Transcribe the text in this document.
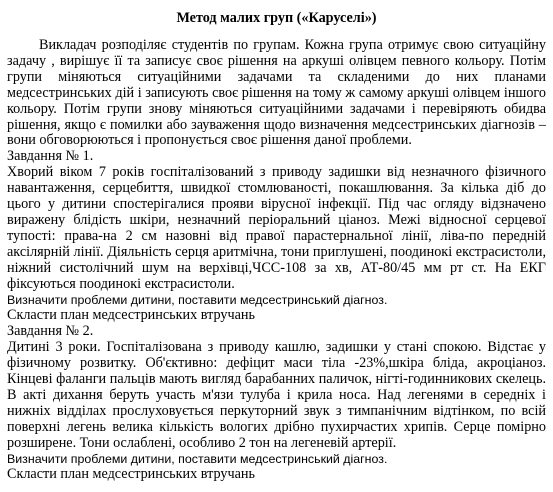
Метод малих груп («Каруселі»)

Викладач розподіляє студентів по групам. Кожна група отримує свою ситуаційну задачу , вирішує її та записує своє рішення на аркуші олівцем певного кольору. Потім групи міняються ситуаційними задачами та складеними до них планами медсестринських дій і записують своє рішення на тому ж самому аркуші олівцем іншого кольору. Потім групи знову міняються ситуаційними задачами і перевіряють обидва рішення, якщо є помилки або зауваження щодо визначення медсестринських діагнозів – вони обговорюються і пропонується своє рішення даної проблеми.

Завдання № 1.

Хворий віком 7 років госпіталізований з приводу задишки від незначного фізичного навантаження, серцебиття, швидкої стомлюваності, покашлювання. За кілька діб до цього у дитини спостерігалися прояви вірусної інфекції. Під час огляду відзначено виражену блідість шкіри, незначний періоральний ціаноз. Межі відносної серцевої тупості: права-на 2 см назовні від правої парастернальної лінії, ліва-по передній аксілярній лінії. Діяльність серця аритмічна, тони приглушені, поодинокі екстрасистоли, ніжний систолічний шум на верхівці,ЧСС-108 за хв, АТ-80/45 мм рт ст. На ЕКГ фіксуються поодинокі екстрасистоли.

Визначити проблеми дитини, поставити медсестринський діагноз.

Скласти план медсестринських втручань

Завдання № 2.

Дитині 3 роки. Госпіталізована з приводу кашлю, задишки у стані спокою. Відстає у фізичному розвитку. Об'єктивно: дефіцит маси тіла -23%,шкіра бліда, акроціаноз. Кінцеві фаланги пальців мають вигляд барабанних паличок, нігті-годинникових скелець. В акті дихання беруть участь м'язи тулуба і крила носа. Над легенями в середніх і нижніх відділах прослуховується перкуторний звук з тимпанічним відтінком, по всій поверхні легень велика кількість вологих дрібно пухирчастих хрипів. Серце помірно розширене. Тони ослаблені, особливо 2 тон на легеневій артерії.

Визначити проблеми дитини, поставити медсестринський діагноз.

Скласти план медсестринських втручань
